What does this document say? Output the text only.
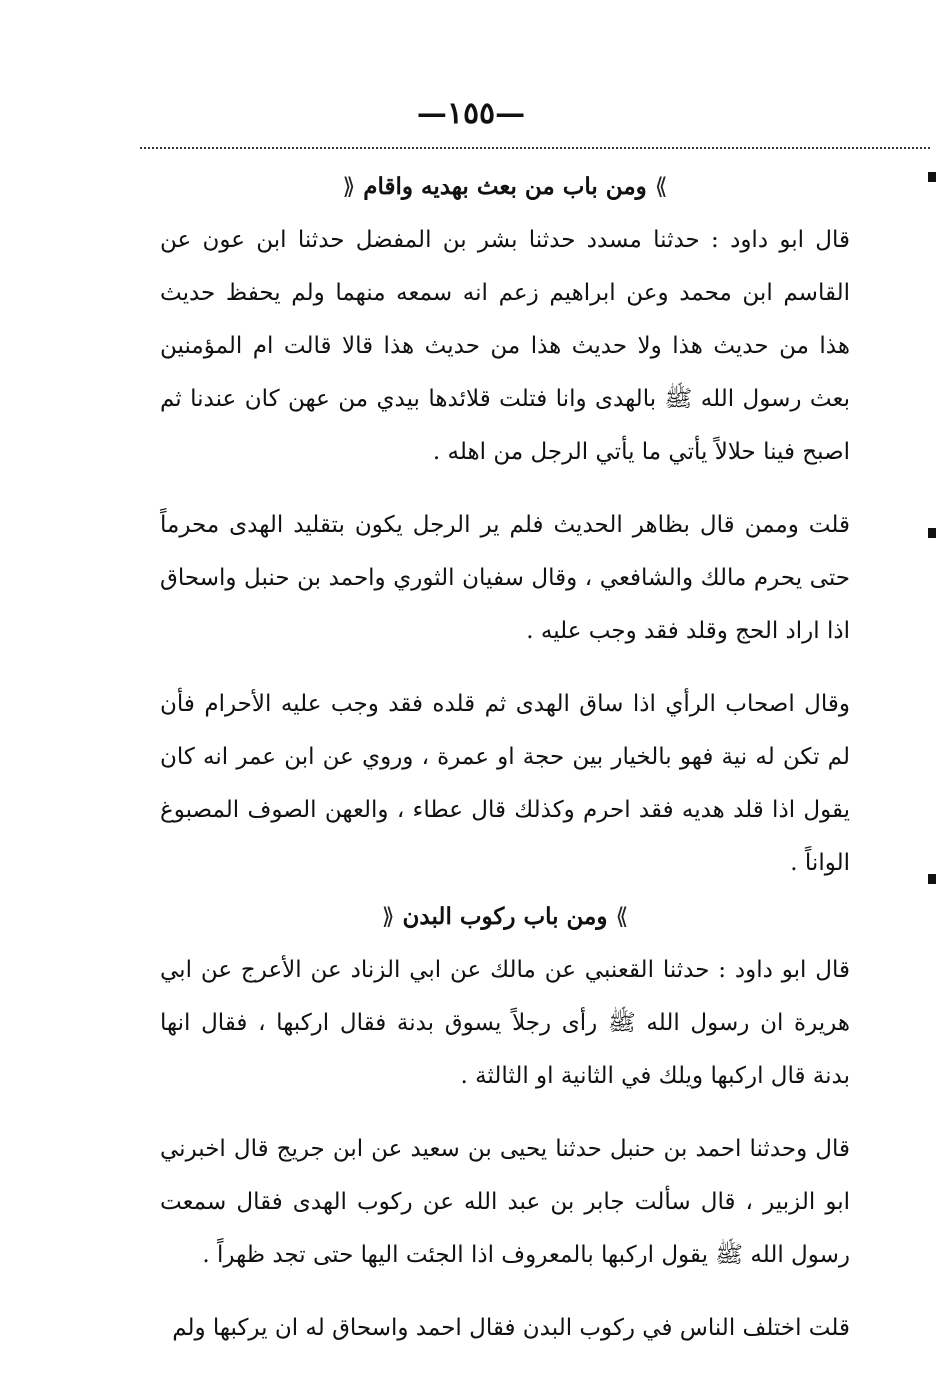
—١٥٥—
⟫ ومن باب من بعث بهديه واقام ⟪

قال ابو داود : حدثنا مسدد حدثنا بشر بن المفضل حدثنا ابن عون عن القاسم ابن محمد وعن ابراهيم زعم انه سمعه منهما ولم يحفظ حديث هذا من حديث هذا ولا حديث هذا من حديث هذا قالا قالت ام المؤمنين بعث رسول الله ﷺ بالهدى وانا فتلت قلائدها بيدي من عهن كان عندنا ثم اصبح فينا حلالاً يأتي ما يأتي الرجل من اهله .

قلت وممن قال بظاهر الحديث فلم ير الرجل يكون بتقليد الهدى محرماً حتى يحرم مالك والشافعي ، وقال سفيان الثوري واحمد بن حنبل واسحاق اذا اراد الحج وقلد فقد وجب عليه .

وقال اصحاب الرأي اذا ساق الهدى ثم قلده فقد وجب عليه الأحرام فأن لم تكن له نية فهو بالخيار بين حجة او عمرة ، وروي عن ابن عمر انه كان يقول اذا قلد هديه فقد احرم وكذلك قال عطاء ، والعهن الصوف المصبوغ الواناً .

⟫ ومن باب ركوب البدن ⟪

قال ابو داود : حدثنا القعنبي عن مالك عن ابي الزناد عن الأعرج عن ابي هريرة ان رسول الله ﷺ رأى رجلاً يسوق بدنة فقال اركبها ، فقال انها بدنة قال اركبها ويلك في الثانية او الثالثة .

قال وحدثنا احمد بن حنبل حدثنا يحيى بن سعيد عن ابن جريج قال اخبرني ابو الزبير ، قال سألت جابر بن عبد الله عن ركوب الهدى فقال سمعت رسول الله ﷺ يقول اركبها بالمعروف اذا الجئت اليها حتى تجد ظهراً .

قلت اختلف الناس في ركوب البدن فقال احمد واسحاق له ان يركبها ولم
